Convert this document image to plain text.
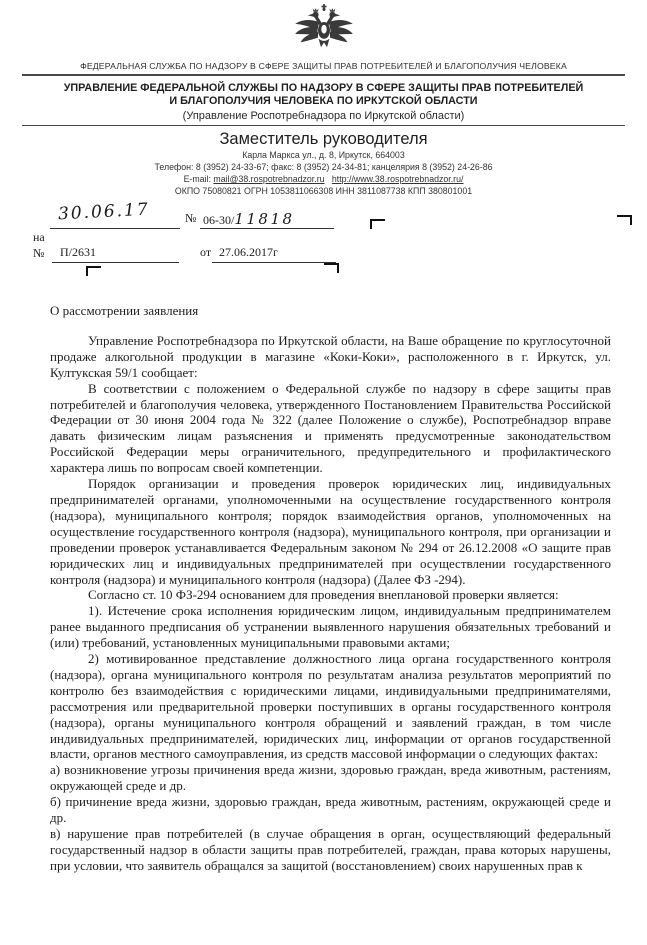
ФЕДЕРАЛЬНАЯ СЛУЖБА ПО НАДЗОРУ В СФЕРЕ ЗАЩИТЫ ПРАВ ПОТРЕБИТЕЛЕЙ И БЛАГОПОЛУЧИЯ ЧЕЛОВЕКА
УПРАВЛЕНИЕ ФЕДЕРАЛЬНОЙ СЛУЖБЫ ПО НАДЗОРУ В СФЕРЕ ЗАЩИТЫ ПРАВ ПОТРЕБИТЕЛЕЙ
И БЛАГОПОЛУЧИЯ ЧЕЛОВЕКА ПО ИРКУТСКОЙ ОБЛАСТИ
(Управление Роспотребнадзора по Иркутской области)
Заместитель руководителя
Карла Маркса ул., д. 8, Иркутск, 664003
Телефон: 8 (3952) 24-33-67; факс: 8 (3952) 24-34-81; канцелярия 8 (3952) 24-26-86
E-mail: mail@38.rospotrebnadzor.ru http://www.38.rospotrebnadzor.ru/
ОКПО 75080821 ОГРН 1053811066308 ИНН 3811087738 КПП 380801001
30.06.17	№ 06-30/11818
на
№ П/2631	от 27.06.2017г

О рассмотрении заявления

Управление Роспотребнадзора по Иркутской области, на Ваше обращение по круглосуточной продаже алкогольной продукции в магазине «Коки-Коки», расположенного в г. Иркутск, ул. Култукская 59/1 сообщает:

В соответствии с положением о Федеральной службе по надзору в сфере защиты прав потребителей и благополучия человека, утвержденного Постановлением Правительства Российской Федерации от 30 июня 2004 года № 322 (далее Положение о службе), Роспотребнадзор вправе давать физическим лицам разъяснения и применять предусмотренные законодательством Российской Федерации меры ограничительного, предупредительного и профилактического характера лишь по вопросам своей компетенции.

Порядок организации и проведения проверок юридических лиц, индивидуальных предпринимателей органами, уполномоченными на осуществление государственного контроля (надзора), муниципального контроля; порядок взаимодействия органов, уполномоченных на осуществление государственного контроля (надзора), муниципального контроля, при организации и проведении проверок устанавливается Федеральным законом № 294 от 26.12.2008 «О защите прав юридических лиц и индивидуальных предпринимателей при осуществлении государственного контроля (надзора) и муниципального контроля (надзора) (Далее ФЗ -294).

Согласно ст. 10 ФЗ-294 основанием для проведения внеплановой проверки является:

1). Истечение срока исполнения юридическим лицом, индивидуальным предпринимателем ранее выданного предписания об устранении выявленного нарушения обязательных требований и (или) требований, установленных муниципальными правовыми актами;

2) мотивированное представление должностного лица органа государственного контроля (надзора), органа муниципального контроля по результатам анализа результатов мероприятий по контролю без взаимодействия с юридическими лицами, индивидуальными предпринимателями, рассмотрения или предварительной проверки поступивших в органы государственного контроля (надзора), органы муниципального контроля обращений и заявлений граждан, в том числе индивидуальных предпринимателей, юридических лиц, информации от органов государственной власти, органов местного самоуправления, из средств массовой информации о следующих фактах:

а) возникновение угрозы причинения вреда жизни, здоровью граждан, вреда животным, растениям, окружающей среде и др.

б) причинение вреда жизни, здоровью граждан, вреда животным, растениям, окружающей среде и др.

в) нарушение прав потребителей (в случае обращения в орган, осуществляющий федеральный государственный надзор в области защиты прав потребителей, граждан, права которых нарушены, при условии, что заявитель обращался за защитой (восстановлением) своих нарушенных прав к
